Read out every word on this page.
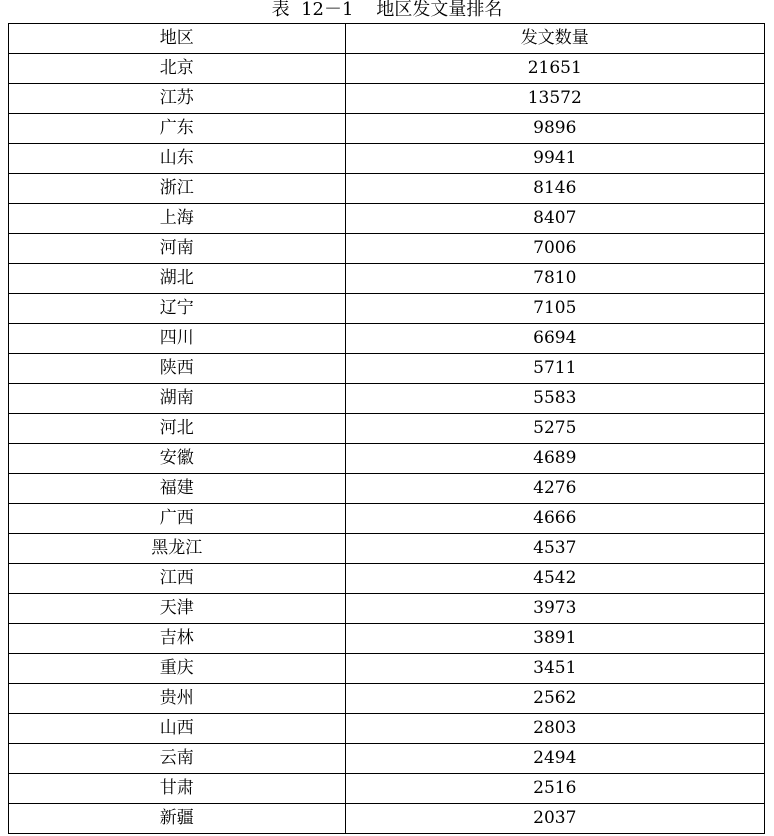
表  12－1    地区发文量排名
地区	发文数量
北京	21651
江苏	13572
广东	9896
山东	9941
浙江	8146
上海	8407
河南	7006
湖北	7810
辽宁	7105
四川	6694
陕西	5711
湖南	5583
河北	5275
安徽	4689
福建	4276
广西	4666
黑龙江	4537
江西	4542
天津	3973
吉林	3891
重庆	3451
贵州	2562
山西	2803
云南	2494
甘肃	2516
新疆	2037
